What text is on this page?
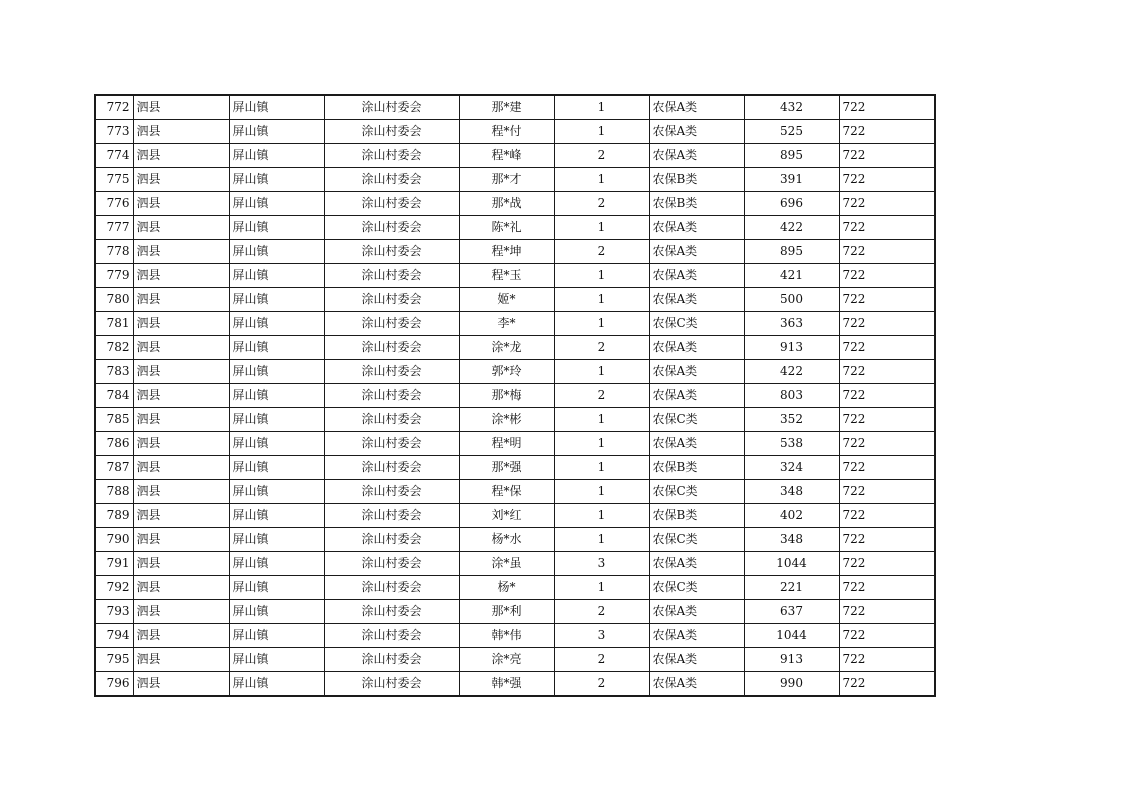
772	泗县	屏山镇	涂山村委会	那*建	1	农保A类	432	722
773	泗县	屏山镇	涂山村委会	程*付	1	农保A类	525	722
774	泗县	屏山镇	涂山村委会	程*峰	2	农保A类	895	722
775	泗县	屏山镇	涂山村委会	那*才	1	农保B类	391	722
776	泗县	屏山镇	涂山村委会	那*战	2	农保B类	696	722
777	泗县	屏山镇	涂山村委会	陈*礼	1	农保A类	422	722
778	泗县	屏山镇	涂山村委会	程*坤	2	农保A类	895	722
779	泗县	屏山镇	涂山村委会	程*玉	1	农保A类	421	722
780	泗县	屏山镇	涂山村委会	姬*	1	农保A类	500	722
781	泗县	屏山镇	涂山村委会	李*	1	农保C类	363	722
782	泗县	屏山镇	涂山村委会	涂*龙	2	农保A类	913	722
783	泗县	屏山镇	涂山村委会	郭*玲	1	农保A类	422	722
784	泗县	屏山镇	涂山村委会	那*梅	2	农保A类	803	722
785	泗县	屏山镇	涂山村委会	涂*彬	1	农保C类	352	722
786	泗县	屏山镇	涂山村委会	程*明	1	农保A类	538	722
787	泗县	屏山镇	涂山村委会	那*强	1	农保B类	324	722
788	泗县	屏山镇	涂山村委会	程*保	1	农保C类	348	722
789	泗县	屏山镇	涂山村委会	刘*红	1	农保B类	402	722
790	泗县	屏山镇	涂山村委会	杨*水	1	农保C类	348	722
791	泗县	屏山镇	涂山村委会	涂*虽	3	农保A类	1044	722
792	泗县	屏山镇	涂山村委会	杨*	1	农保C类	221	722
793	泗县	屏山镇	涂山村委会	那*利	2	农保A类	637	722
794	泗县	屏山镇	涂山村委会	韩*伟	3	农保A类	1044	722
795	泗县	屏山镇	涂山村委会	涂*亮	2	农保A类	913	722
796	泗县	屏山镇	涂山村委会	韩*强	2	农保A类	990	722
